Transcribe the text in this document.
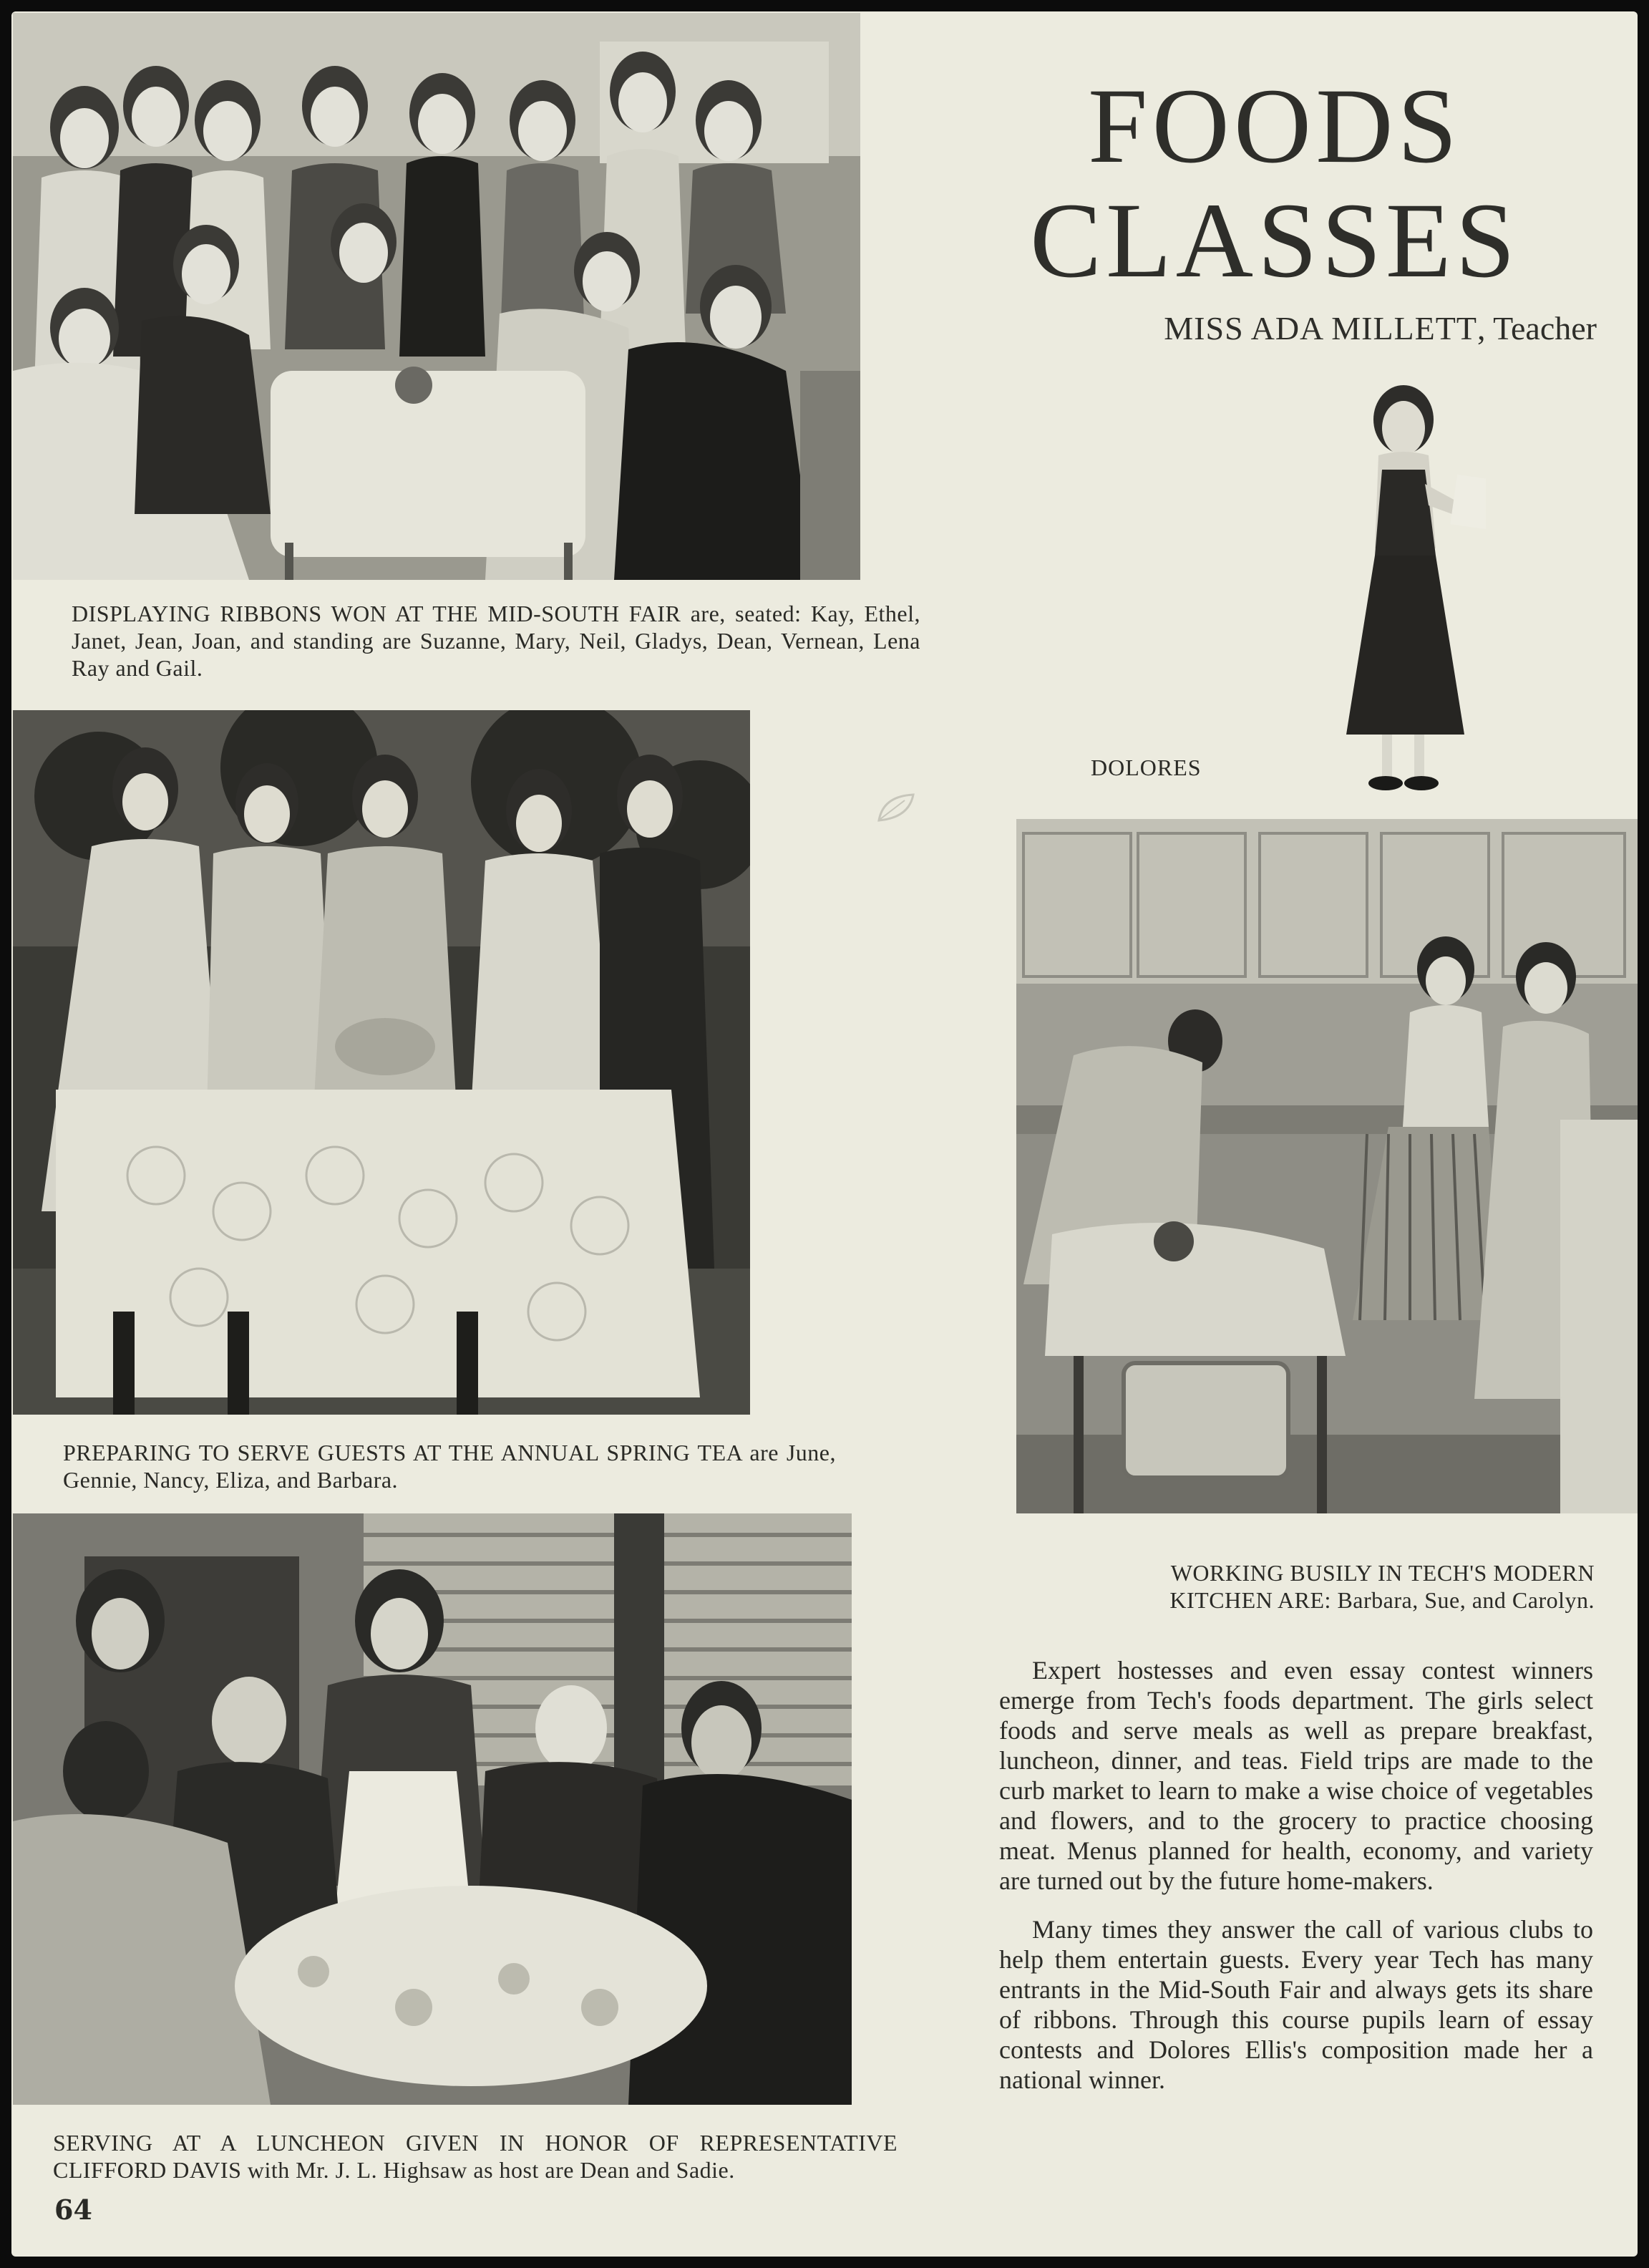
DISPLAYING RIBBONS WON AT THE MID-SOUTH FAIR are, seated: Kay, Ethel, Janet, Jean, Joan, and standing are Suzanne, Mary, Neil, Gladys, Dean, Vernean, Lena Ray and Gail.
PREPARING TO SERVE GUESTS AT THE ANNUAL SPRING TEA are June, Gennie, Nancy, Eliza, and Barbara.
SERVING AT A LUNCHEON GIVEN IN HONOR OF REPRESENTATIVE CLIFFORD DAVIS with Mr. J. L. Highsaw as host are Dean and Sadie.
FOODS
CLASSES
MISS ADA MILLETT, Teacher
DOLORES
WORKING BUSILY IN TECH'S MODERN KITCHEN ARE: Barbara, Sue, and Carolyn.

Expert hostesses and even essay contest winners emerge from Tech's foods department. The girls select foods and serve meals as well as prepare breakfast, luncheon, dinner, and teas. Field trips are made to the curb market to learn to make a wise choice of vegetables and flowers, and to the grocery to practice choosing meat. Menus planned for health, economy, and variety are turned out by the future home-makers.

Many times they answer the call of various clubs to help them entertain guests. Every year Tech has many entrants in the Mid-South Fair and always gets its share of ribbons. Through this course pupils learn of essay contests and Dolores Ellis's composition made her a national winner.

64
